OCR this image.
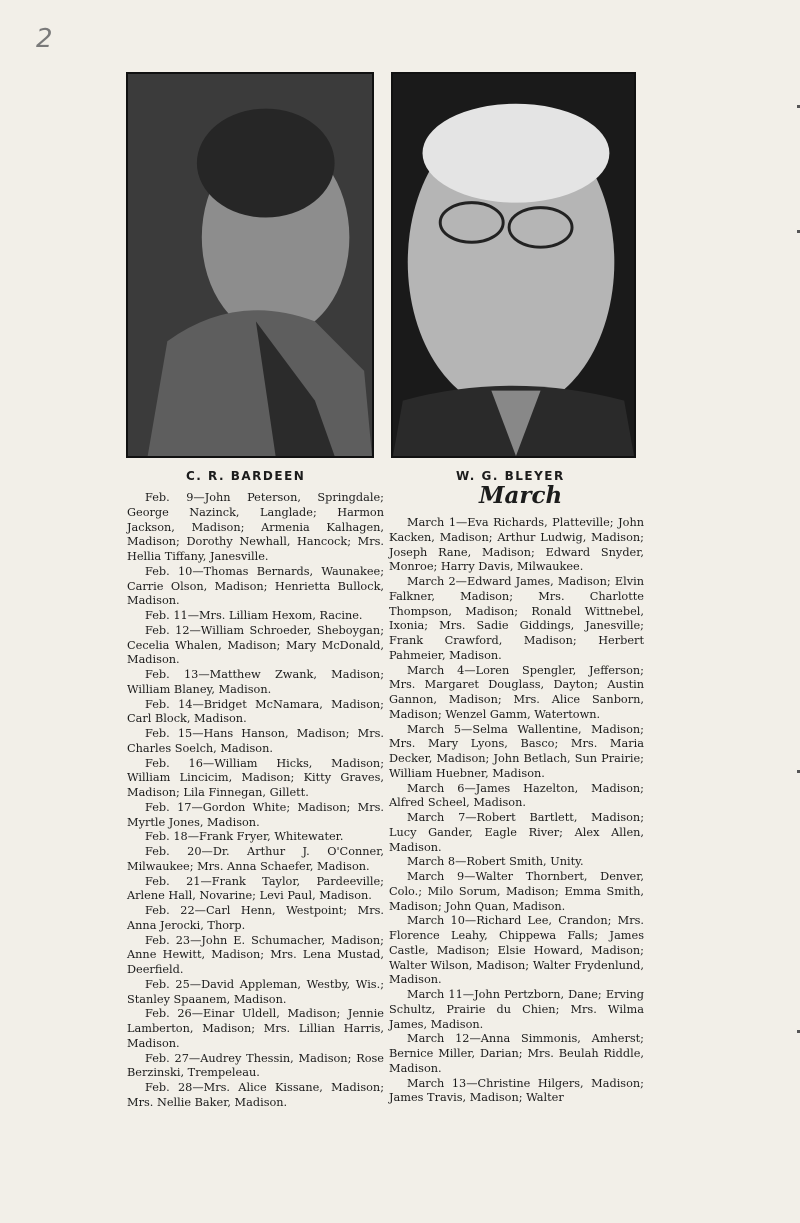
2
C. R. BARDEEN	W. G. BLEYER
March

Feb. 9—John Peterson, Springdale; George Nazinck, Langlade; Harmon Jackson, Madison; Armenia Kalhagen, Madison; Dorothy Newhall, Hancock; Mrs. Hellia Tiffany, Janesville.

Feb. 10—Thomas Bernards, Waunakee; Carrie Olson, Madison; Henrietta Bullock, Madison.

Feb. 11—Mrs. Lilliam Hexom, Racine.

Feb. 12—William Schroeder, Sheboygan; Cecelia Whalen, Madison; Mary McDonald, Madison.

Feb. 13—Matthew Zwank, Madison; William Blaney, Madison.

Feb. 14—Bridget McNamara, Madison; Carl Block, Madison.

Feb. 15—Hans Hanson, Madison; Mrs. Charles Soelch, Madison.

Feb. 16—William Hicks, Madison; William Lincicim, Madison; Kitty Graves, Madison; Lila Finnegan, Gillett.

Feb. 17—Gordon White; Madison; Mrs. Myrtle Jones, Madison.

Feb. 18—Frank Fryer, Whitewater.

Feb. 20—Dr. Arthur J. O'Conner, Milwaukee; Mrs. Anna Schaefer, Madison.

Feb. 21—Frank Taylor, Pardeeville; Arlene Hall, Novarine; Levi Paul, Madison.

Feb. 22—Carl Henn, Westpoint; Mrs. Anna Jerocki, Thorp.

Feb. 23—John E. Schumacher, Madison; Anne Hewitt, Madison; Mrs. Lena Mustad, Deerfield.

Feb. 25—David Appleman, Westby, Wis.; Stanley Spaanem, Madison.

Feb. 26—Einar Uldell, Madison; Jennie Lamberton, Madison; Mrs. Lillian Harris, Madison.

Feb. 27—Audrey Thessin, Madison; Rose Berzinski, Trempeleau.

Feb. 28—Mrs. Alice Kissane, Madison; Mrs. Nellie Baker, Madison.

March 1—Eva Richards, Platteville; John Kacken, Madison; Arthur Ludwig, Madison; Joseph Rane, Madison; Edward Snyder, Monroe; Harry Davis, Milwaukee.

March 2—Edward James, Madison; Elvin Falkner, Madison; Mrs. Charlotte Thompson, Madison; Ronald Wittnebel, Ixonia; Mrs. Sadie Giddings, Janesville; Frank Crawford, Madison; Herbert Pahmeier, Madison.

March 4—Loren Spengler, Jefferson; Mrs. Margaret Douglass, Dayton; Austin Gannon, Madison; Mrs. Alice Sanborn, Madison; Wenzel Gamm, Watertown.

March 5—Selma Wallentine, Madison; Mrs. Mary Lyons, Basco; Mrs. Maria Decker, Madison; John Betlach, Sun Prairie; William Huebner, Madison.

March 6—James Hazelton, Madison; Alfred Scheel, Madison.

March 7—Robert Bartlett, Madison; Lucy Gander, Eagle River; Alex Allen, Madison.

March 8—Robert Smith, Unity.

March 9—Walter Thornbert, Denver, Colo.; Milo Sorum, Madison; Emma Smith, Madison; John Quan, Madison.

March 10—Richard Lee, Crandon; Mrs. Florence Leahy, Chippewa Falls; James Castle, Madison; Elsie Howard, Madison; Walter Wilson, Madison; Walter Frydenlund, Madison.

March 11—John Pertzborn, Dane; Erving Schultz, Prairie du Chien; Mrs. Wilma James, Madison.

March 12—Anna Simmonis, Amherst; Bernice Miller, Darian; Mrs. Beulah Riddle, Madison.

March 13—Christine Hilgers, Madison; James Travis, Madison; Walter
